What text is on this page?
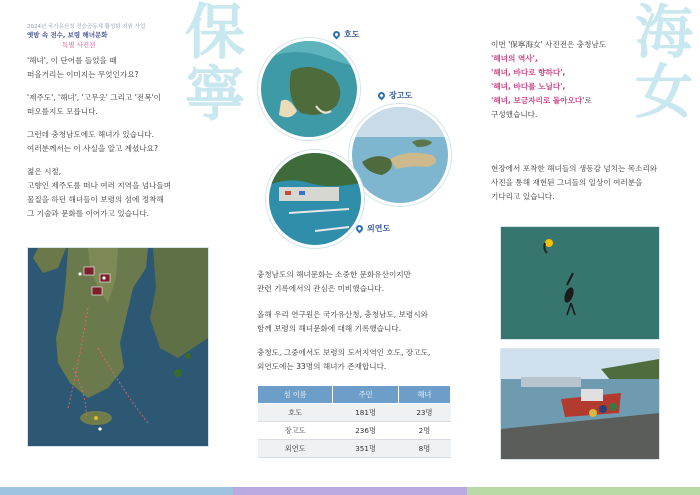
2024년 국가유산청 전승공동체 활성화 지원 사업
옛밤 속 전수, 보령 해녀문화
특별 사진전 保寧
'해녀', 이 단어를 들었을 때
떠올거리는 이미지는 무엇인가요?
'제주도', '해녀', '고무옷' 그리고 '전복'이
떠오를지도 모릅니다.
그런데 충청남도에도 해녀가 있습니다.
여러분께서는 이 사실을 알고 계셨나요?
젊은 시절,
고향인 제주도를 떠나 여러 지역을 넘나들며
물질을 하던 해녀들이 보령의 섬에 정착해
그 기술과 문화를 이어가고 있습니다.
호도
장고도
외연도
충청남도의 해녀문화는 소중한 문화유산이지만
관련 기록에서의 관심은 미비했습니다.
올해 우리 연구원은 국가유산청, 충청남도, 보령시와
함께 보령의 해녀문화에 대해 기록했습니다.
충청도, 그중에서도 보령의 도서지역인 호도, 장고도,
외연도에는 33명의 해녀가 존재합니다.
섬 이름	주민	해녀
호도	181명	23명
장고도	236명	2명
외연도	351명	8명
海女
이번 '保寧海女' 사진전은 충청남도
'해녀의 역사',
'해녀, 바다로 향하다',
'해녀, 바다를 노닐다',
'해녀, 보금자리로 돌아오다'로
구성했습니다.
현장에서 포착한 해녀들의 생동감 넘치는 목소리와
사진을 통해 재현된 그녀들의 일상이 여러분을
기다리고 있습니다.
